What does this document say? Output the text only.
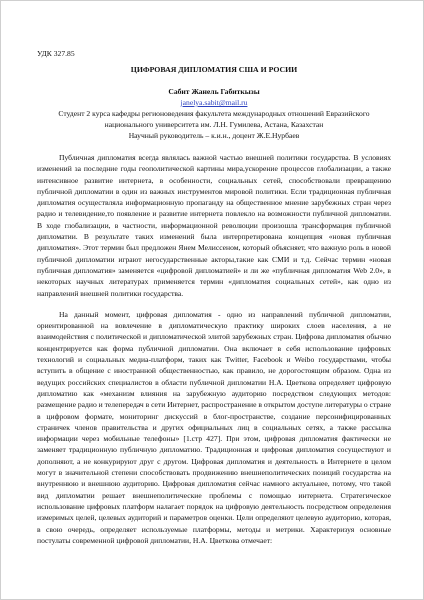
УДК 327.85

ЦИФРОВАЯ ДИПЛОМАТИЯ США И РОСИИ

Сабит Жанель Габиткызы

janelya.sabit@mail.ru

Студент 2 курса кафедры регионоведения факультета международных отношений Евразийского национального университета им. Л.Н. Гумилева, Астана, Казахстан

Научный руководитель – к.и.н., доцент Ж.Е.Нурбаев

Публичная дипломатия всегда являлась важной частью внешней политики государства. В условиях изменений за последние годы геополитической картины мира,ускорение процессов глобализации, а также интенсивное развитие интернета, в особенности, социальных сетей, способствовали превращению публичной дипломатии в один из важных инструментов мировой политики. Если традиционная публичная дипломатия осуществляла информационную пропаганду на общественное мнение зарубежных стран через радио и телевидение,то появление и развитие интернета повлекло на возможности публичной дипломатии. В ходе глобализации, в частности, информационной революции произошла трансформация публичной дипломатии. В результате таких изменений была интерпретирована концепция «новая публичная дипломатия». Этот термин был предложен Янем Мелиссеном, который объясняет, что важную роль в новой публичной дипломатии играют негосударственные акторы,такие как СМИ и т.д. Сейчас термин «новая публичная дипломатия» заменяется «цифровой дипломатией» и ли же «публичная дипломатия Web 2.0», в некоторых научных литературах применяется термин «дипломатия социальных сетей», как одно из направлений внешней политики государства.

На данный момент, цифровая дипломатия - одно из направлений публичной дипломатии, ориентированной на вовлечение в дипломатическую практику широких слоев населения, а не взаимодействия с политической и дипломатической элитой зарубежных стран. Цифрова дипломатия обычно концентрируется как форма публичной дипломатии. Она включает в себя использование цифровых технологий и социальных медиа-платформ, таких как Twitter, Facebook и Weibo государствами, чтобы вступить в общение с иностранной общественностью, как правило, не дорогостоящим образом. Одна из ведущих российских специалистов в области публичной дипломатии Н.А. Цветкова определяет цифровую дипломатию как «механизм влияния на зарубежную аудиторию посредством следующих методов: размещение радио и телепередач в сети Интернет, распространение в открытом доступе литературы о стране в цифровом формате, мониторинг дискуссий в блог-пространстве, создание персонифицированных страничек членов правительства и других официальных лиц в социальных сетях, а также рассылка информации через мобильные телефоны» [1.стр 427]. При этом, цифровая дипломатия фактически не заменяет традиционную публичную дипломатию. Традиционная и цифровая дипломатия сосуществуют и дополняют, а не конкурируют друг с другом. Цифровая дипломатия и деятельность в Интернете в целом могут в значительной степени способствовать продвижению внешнеполитических позиций государства на внутреннюю и внешнюю аудиторию. Цифровая дипломатия сейчас намного актуальнее, потому, что такой вид дипломатии решает внешнеполитические проблемы с помощью интернета. Стратегическое использование цифровых платформ налагает порядок на цифровую деятельность посредством определения измеримых целей, целевых аудиторий и параметров оценки. Цели определяют целевую аудиторию, которая, в свою очередь, определяет используемые платформы, методы и метрики. Характеризуя основные постулаты современной цифровой дипломатии, Н.А. Цветкова отмечает:
